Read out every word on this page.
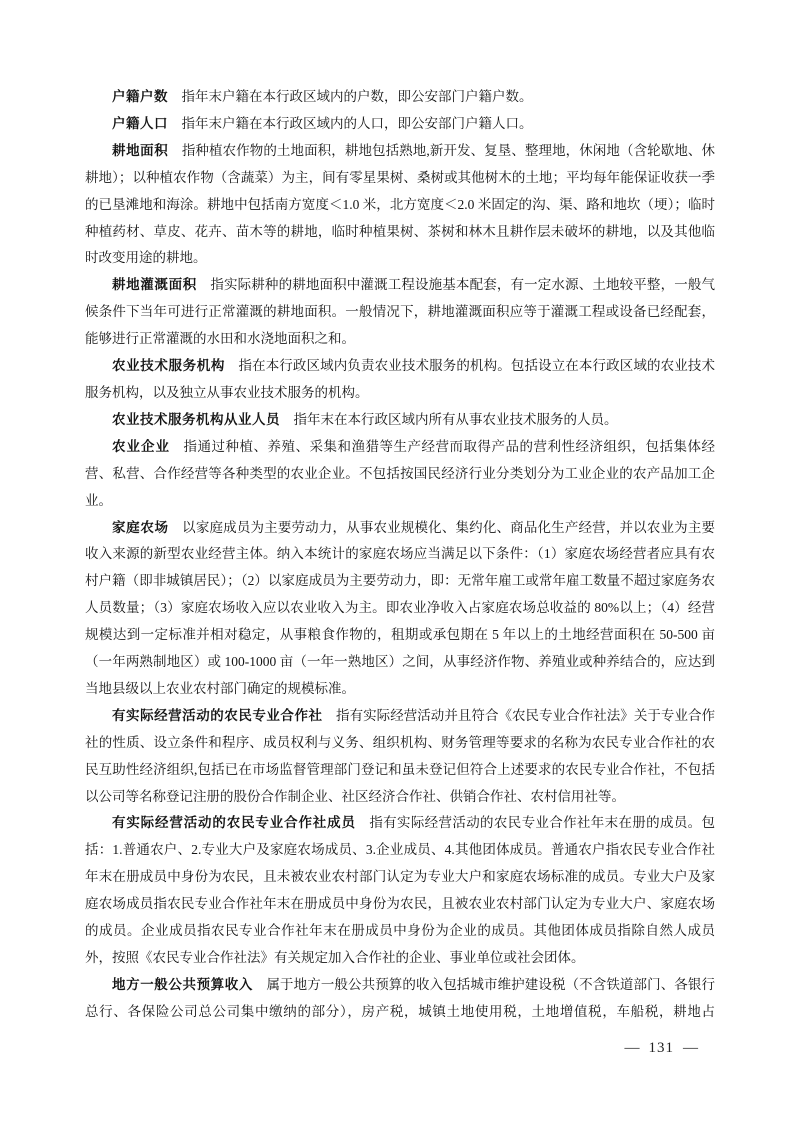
户籍户数 指年末户籍在本行政区域内的户数，即公安部门户籍户数。

户籍人口 指年末户籍在本行政区域内的人口，即公安部门户籍人口。

耕地面积 指种植农作物的土地面积，耕地包括熟地,新开发、复垦、整理地，休闲地（含轮歇地、休耕地）；以种植农作物（含蔬菜）为主，间有零星果树、桑树或其他树木的土地；平均每年能保证收获一季的已垦滩地和海涂。耕地中包括南方宽度＜1.0 米，北方宽度＜2.0 米固定的沟、渠、路和地坎（埂）；临时种植药材、草皮、花卉、苗木等的耕地，临时种植果树、茶树和林木且耕作层未破坏的耕地，以及其他临时改变用途的耕地。

耕地灌溉面积 指实际耕种的耕地面积中灌溉工程设施基本配套，有一定水源、土地较平整，一般气候条件下当年可进行正常灌溉的耕地面积。一般情况下，耕地灌溉面积应等于灌溉工程或设备已经配套，能够进行正常灌溉的水田和水浇地面积之和。

农业技术服务机构 指在本行政区域内负责农业技术服务的机构。包括设立在本行政区域的农业技术服务机构，以及独立从事农业技术服务的机构。

农业技术服务机构从业人员 指年末在本行政区域内所有从事农业技术服务的人员。

农业企业 指通过种植、养殖、采集和渔猎等生产经营而取得产品的营利性经济组织，包括集体经营、私营、合作经营等各种类型的农业企业。不包括按国民经济行业分类划分为工业企业的农产品加工企业。

家庭农场 以家庭成员为主要劳动力，从事农业规模化、集约化、商品化生产经营，并以农业为主要收入来源的新型农业经营主体。纳入本统计的家庭农场应当满足以下条件：（1）家庭农场经营者应具有农村户籍（即非城镇居民）；（2）以家庭成员为主要劳动力，即：无常年雇工或常年雇工数量不超过家庭务农人员数量；（3）家庭农场收入应以农业收入为主。即农业净收入占家庭农场总收益的 80%以上；（4）经营规模达到一定标准并相对稳定，从事粮食作物的，租期或承包期在 5 年以上的土地经营面积在 50-500 亩（一年两熟制地区）或 100-1000 亩（一年一熟地区）之间，从事经济作物、养殖业或种养结合的，应达到当地县级以上农业农村部门确定的规模标准。

有实际经营活动的农民专业合作社 指有实际经营活动并且符合《农民专业合作社法》关于专业合作社的性质、设立条件和程序、成员权利与义务、组织机构、财务管理等要求的名称为农民专业合作社的农民互助性经济组织,包括已在市场监督管理部门登记和虽未登记但符合上述要求的农民专业合作社，不包括以公司等名称登记注册的股份合作制企业、社区经济合作社、供销合作社、农村信用社等。

有实际经营活动的农民专业合作社成员 指有实际经营活动的农民专业合作社年末在册的成员。包括：1.普通农户、2.专业大户及家庭农场成员、3.企业成员、4.其他团体成员。普通农户指农民专业合作社年末在册成员中身份为农民，且未被农业农村部门认定为专业大户和家庭农场标准的成员。专业大户及家庭农场成员指农民专业合作社年末在册成员中身份为农民，且被农业农村部门认定为专业大户、家庭农场的成员。企业成员指农民专业合作社年末在册成员中身份为企业的成员。其他团体成员指除自然人成员外，按照《农民专业合作社法》有关规定加入合作社的企业、事业单位或社会团体。

地方一般公共预算收入 属于地方一般公共预算的收入包括城市维护建设税（不含铁道部门、各银行总行、各保险公司总公司集中缴纳的部分），房产税，城镇土地使用税，土地增值税，车船税，耕地占

— 131 —
